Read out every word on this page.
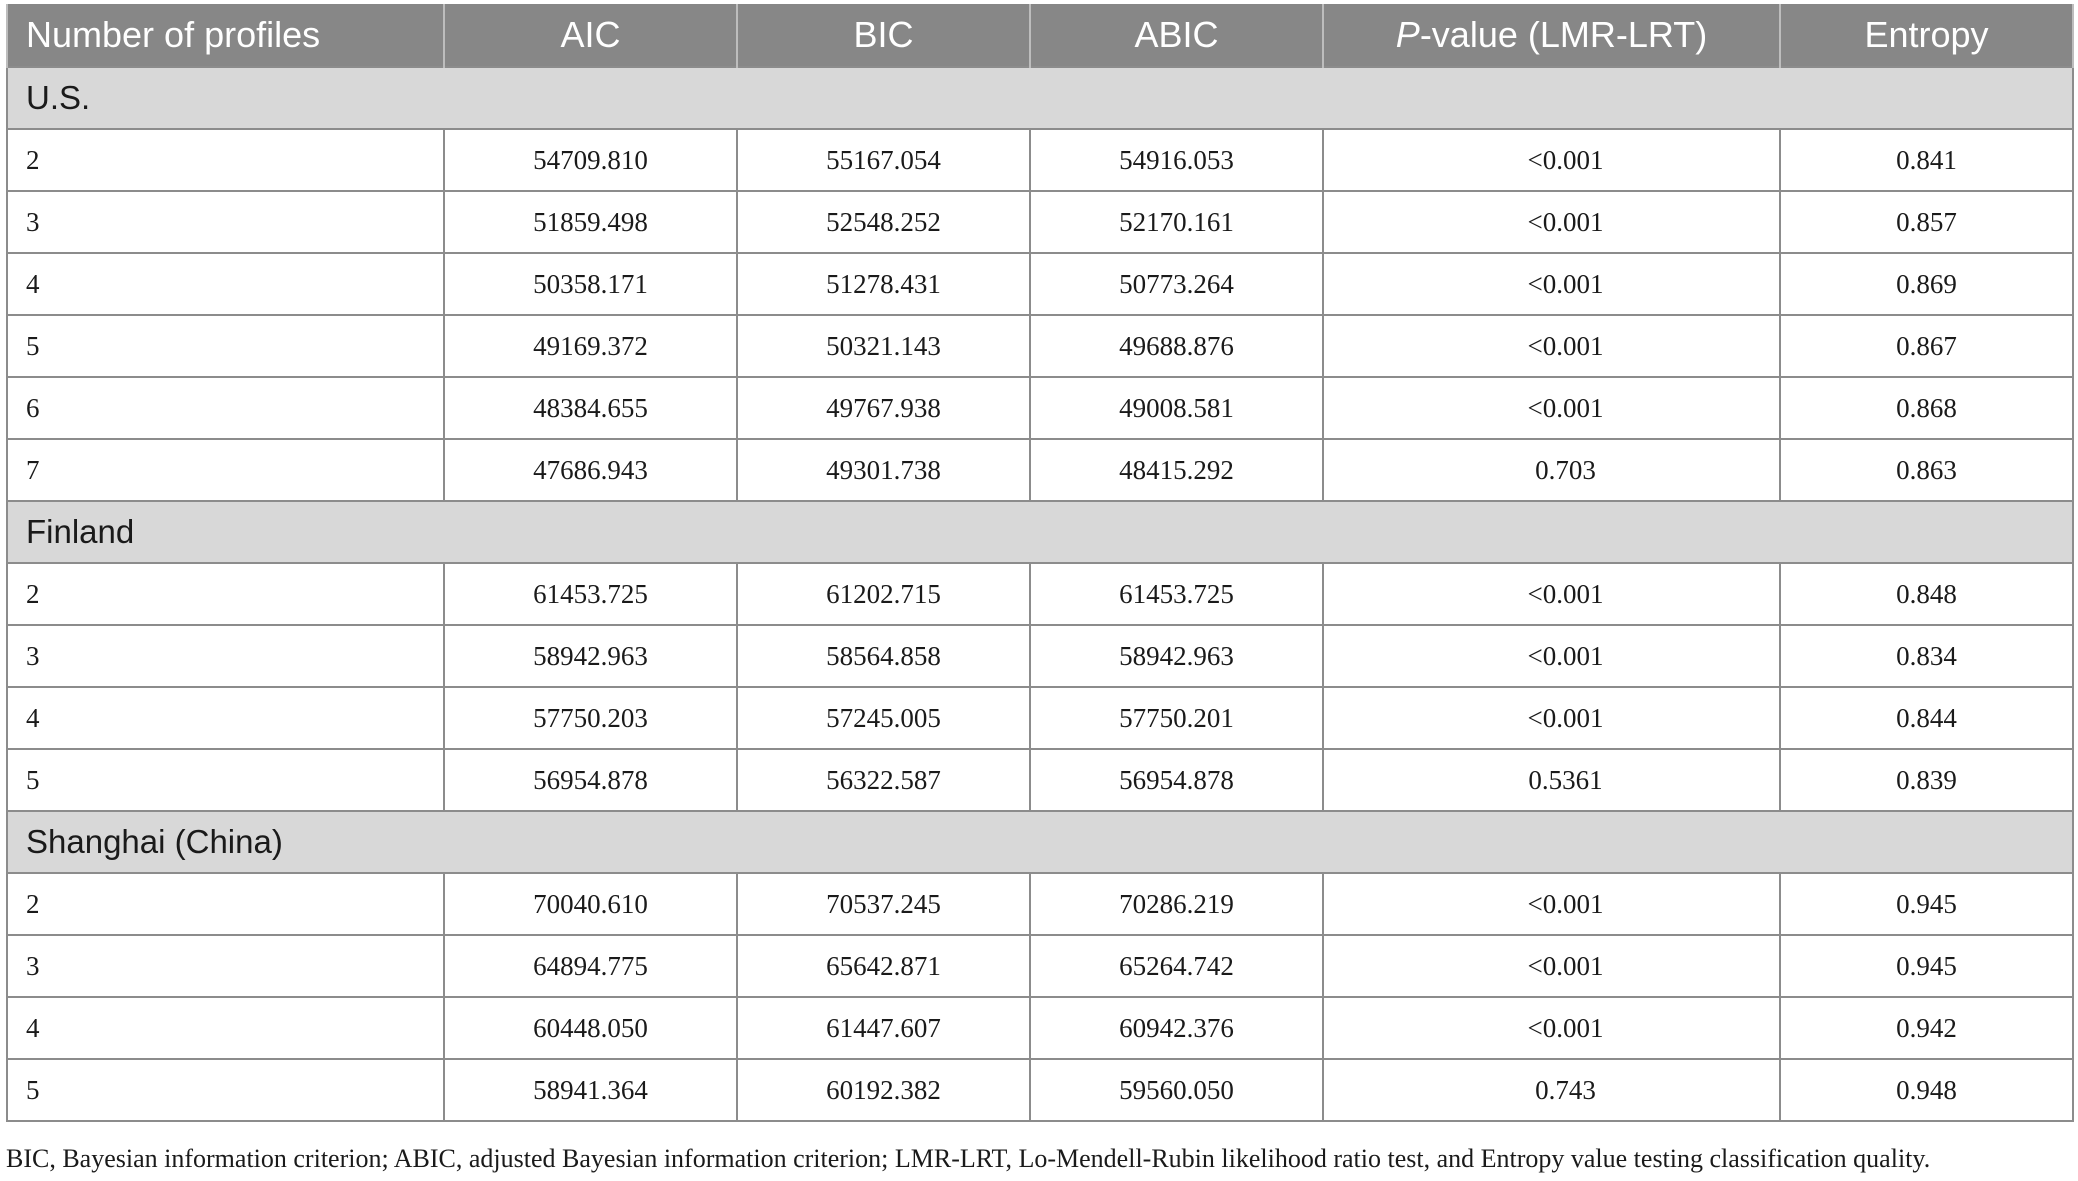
Number of profiles	AIC	BIC	ABIC	P-value (LMR-LRT)	Entropy
U.S.					
2	54709.810	55167.054	54916.053	<0.001	0.841
3	51859.498	52548.252	52170.161	<0.001	0.857
4	50358.171	51278.431	50773.264	<0.001	0.869
5	49169.372	50321.143	49688.876	<0.001	0.867
6	48384.655	49767.938	49008.581	<0.001	0.868
7	47686.943	49301.738	48415.292	0.703	0.863
Finland					
2	61453.725	61202.715	61453.725	<0.001	0.848
3	58942.963	58564.858	58942.963	<0.001	0.834
4	57750.203	57245.005	57750.201	<0.001	0.844
5	56954.878	56322.587	56954.878	0.5361	0.839
Shanghai (China)					
2	70040.610	70537.245	70286.219	<0.001	0.945
3	64894.775	65642.871	65264.742	<0.001	0.945
4	60448.050	61447.607	60942.376	<0.001	0.942
5	58941.364	60192.382	59560.050	0.743	0.948
BIC, Bayesian information criterion; ABIC, adjusted Bayesian information criterion; LMR-LRT, Lo-Mendell-Rubin likelihood ratio test, and Entropy value testing classification quality.
